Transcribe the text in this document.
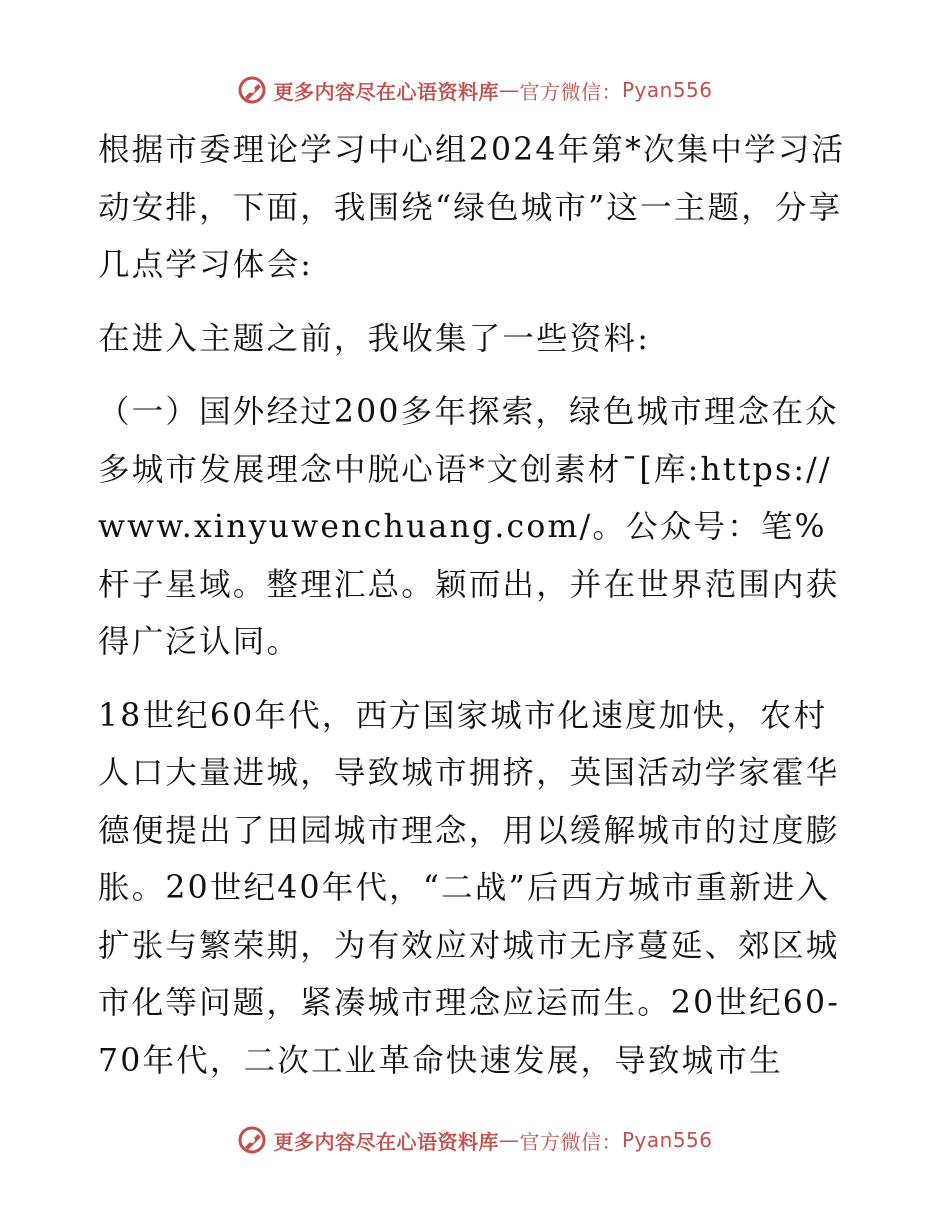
更多内容尽在心语资料库 — 官方微信： Pyan556

根据市委理论学习中心组2024年第*次集中学习活动安排，下面，我围绕“绿色城市”这一主题，分享几点学习体会:

在进入主题之前，我收集了一些资料:

（一）国外经过200多年探索，绿色城市理念在众多城市发展理念中脱心语*文创素材¯[库:https://www.xinyuwenchuang.com/。公众号：笔%杆子星域。整理汇总。颖而出，并在世界范围内获得广泛认同。

18世纪60年代，西方国家城市化速度加快，农村人口大量进城，导致城市拥挤，英国活动学家霍华德便提出了田园城市理念，用以缓解城市的过度膨胀。20世纪40年代，“二战”后西方城市重新进入扩张与繁荣期，为有效应对城市无序蔓延、郊区城市化等问题，紧凑城市理念应运而生。20世纪60-70年代，二次工业革命快速发展，导致城市生

更多内容尽在心语资料库 — 官方微信： Pyan556
